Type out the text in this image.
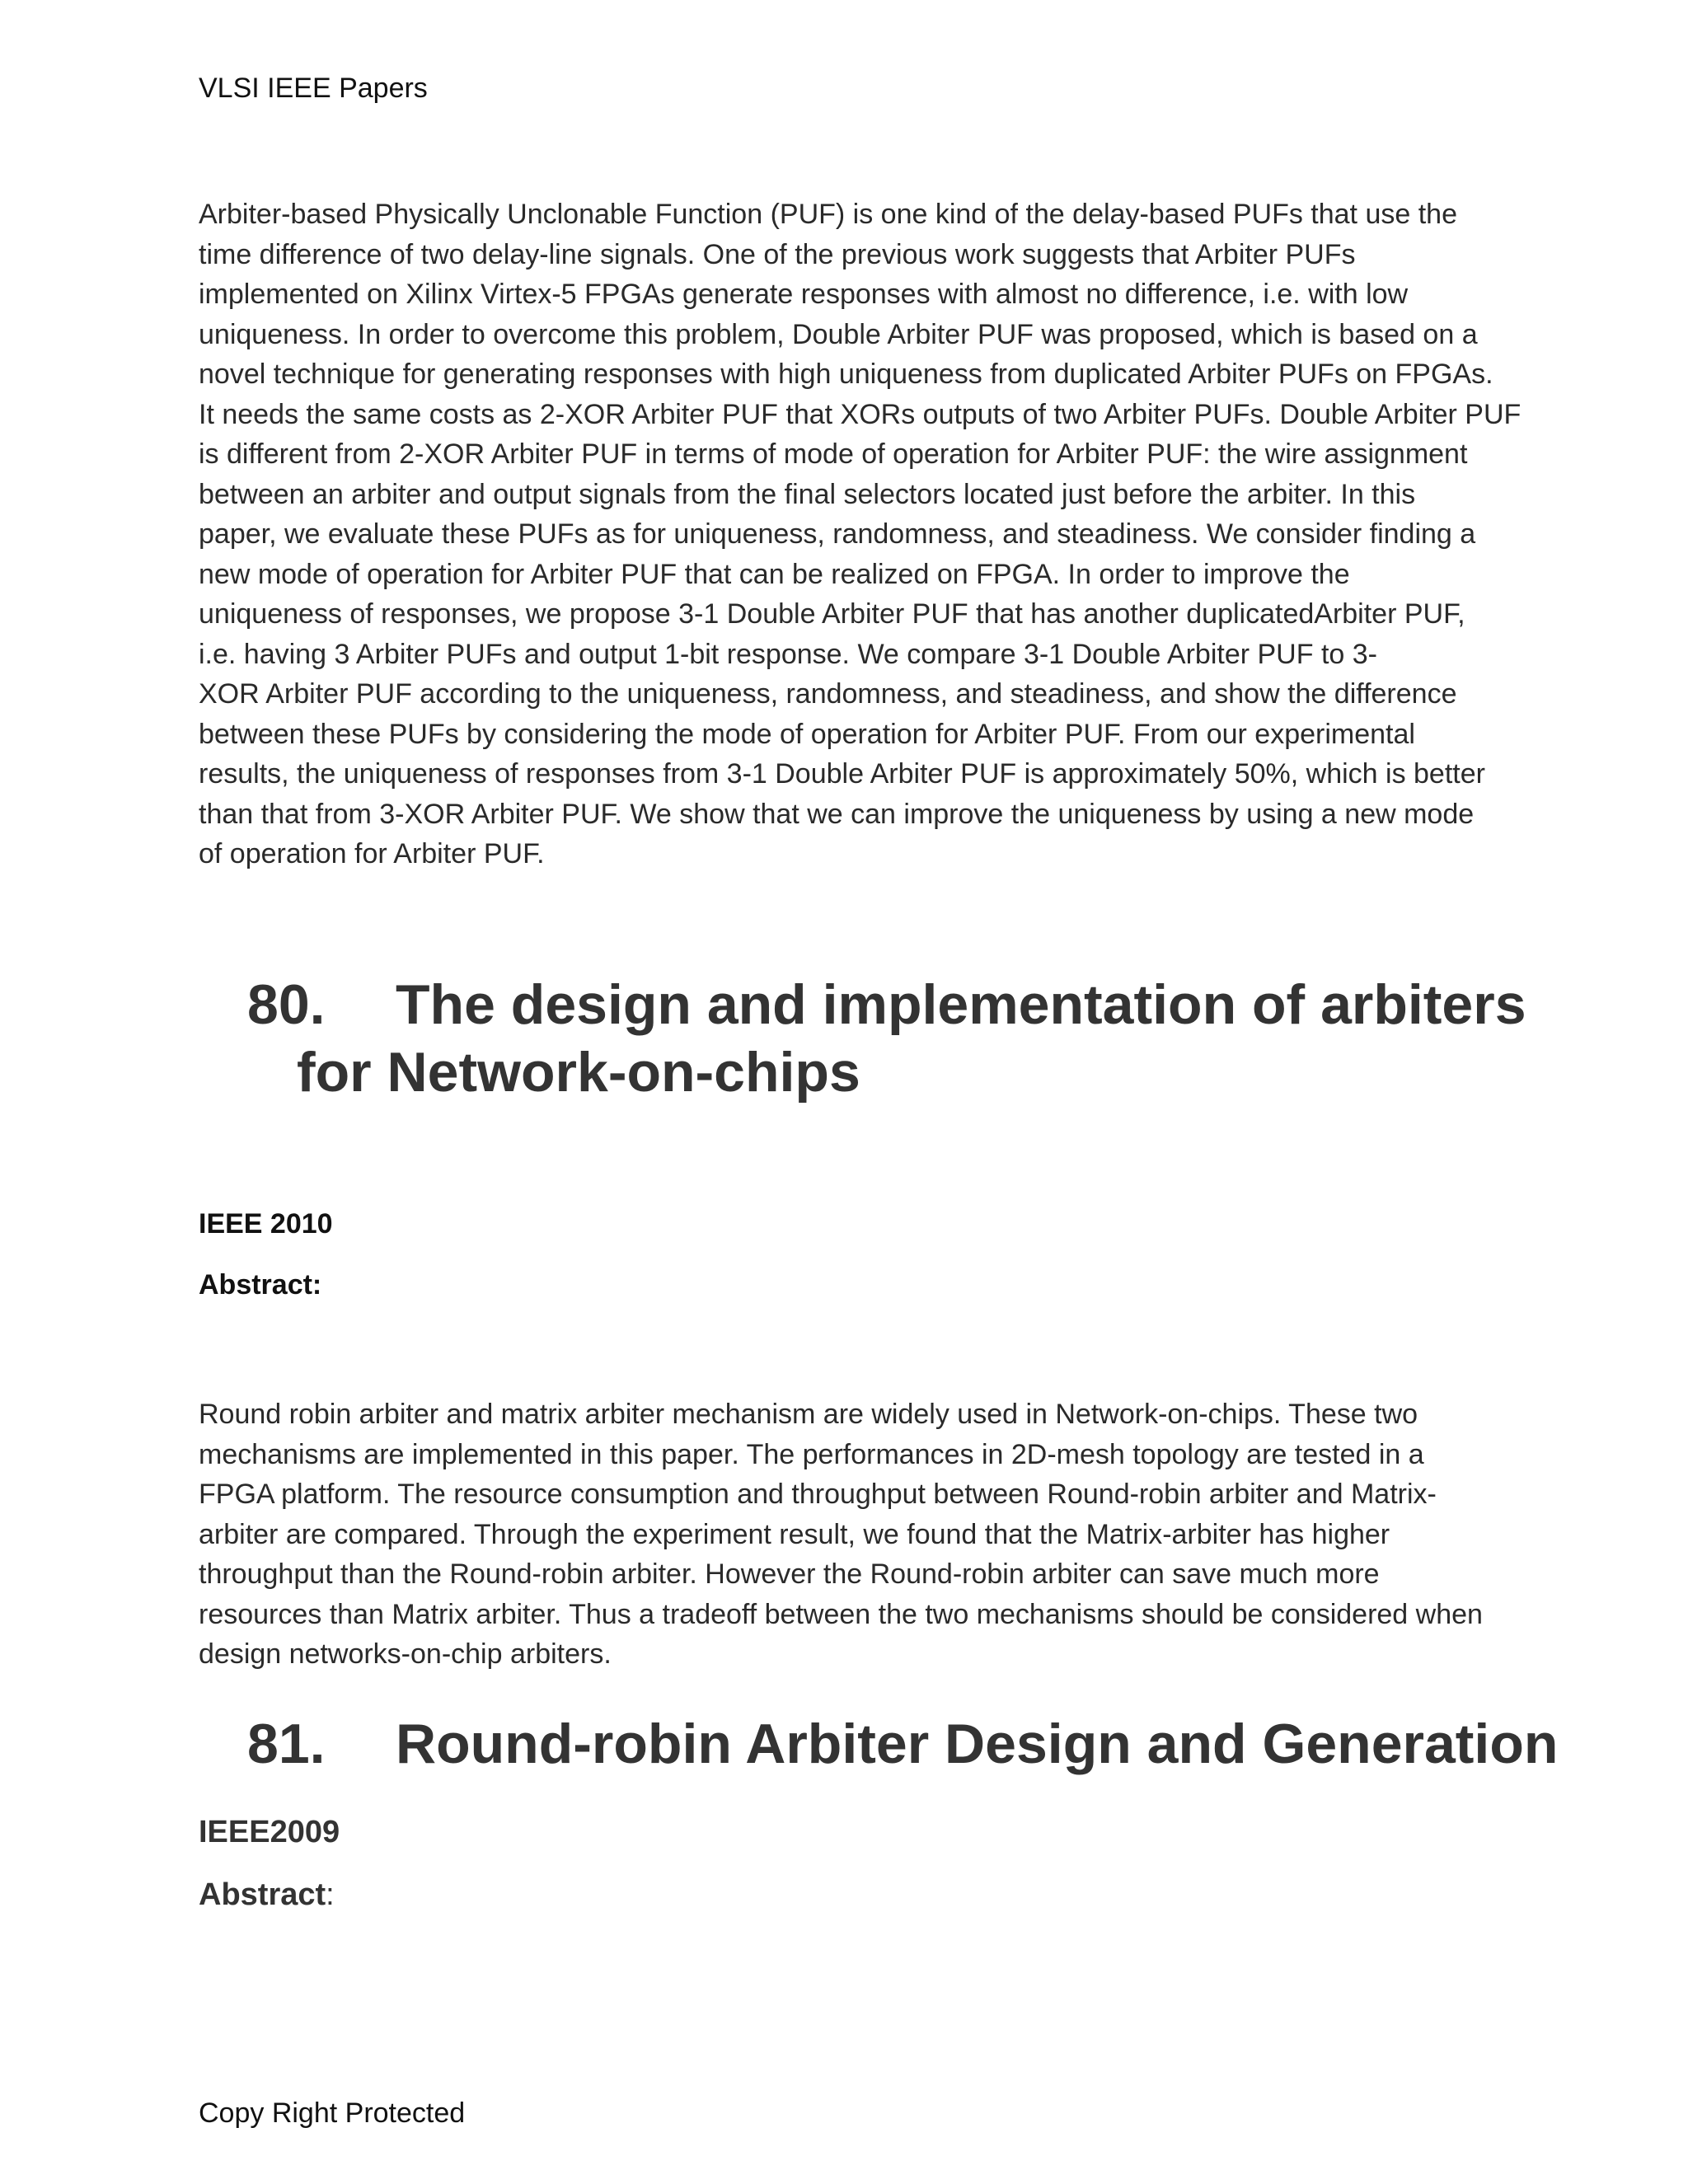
VLSI IEEE Papers
Arbiter-based Physically Unclonable Function (PUF) is one kind of the delay-based PUFs that use the
time difference of two delay-line signals. One of the previous work suggests that Arbiter PUFs
implemented on Xilinx Virtex-5 FPGAs generate responses with almost no difference, i.e. with low
uniqueness. In order to overcome this problem, Double Arbiter PUF was proposed, which is based on a
novel technique for generating responses with high uniqueness from duplicated Arbiter PUFs on FPGAs.
It needs the same costs as 2-XOR Arbiter PUF that XORs outputs of two Arbiter PUFs. Double Arbiter PUF
is different from 2-XOR Arbiter PUF in terms of mode of operation for Arbiter PUF: the wire assignment
between an arbiter and output signals from the final selectors located just before the arbiter. In this
paper, we evaluate these PUFs as for uniqueness, randomness, and steadiness. We consider finding a
new mode of operation for Arbiter PUF that can be realized on FPGA. In order to improve the
uniqueness of responses, we propose 3-1 Double Arbiter PUF that has another duplicatedArbiter PUF,
i.e. having 3 Arbiter PUFs and output 1-bit response. We compare 3-1 Double Arbiter PUF to 3-
XOR Arbiter PUF according to the uniqueness, randomness, and steadiness, and show the difference
between these PUFs by considering the mode of operation for Arbiter PUF. From our experimental
results, the uniqueness of responses from 3-1 Double Arbiter PUF is approximately 50%, which is better
than that from 3-XOR Arbiter PUF. We show that we can improve the uniqueness by using a new mode
of operation for Arbiter PUF.
80. The design and implementation of arbiters
for Network-on-chips
IEEE 2010
Abstract:
Round robin arbiter and matrix arbiter mechanism are widely used in Network-on-chips. These two
mechanisms are implemented in this paper. The performances in 2D-mesh topology are tested in a
FPGA platform. The resource consumption and throughput between Round-robin arbiter and Matrix-
arbiter are compared. Through the experiment result, we found that the Matrix-arbiter has higher
throughput than the Round-robin arbiter. However the Round-robin arbiter can save much more
resources than Matrix arbiter. Thus a tradeoff between the two mechanisms should be considered when
design networks-on-chip arbiters.
81. Round-robin Arbiter Design and Generation
IEEE2009
Abstract:
Copy Right Protected
